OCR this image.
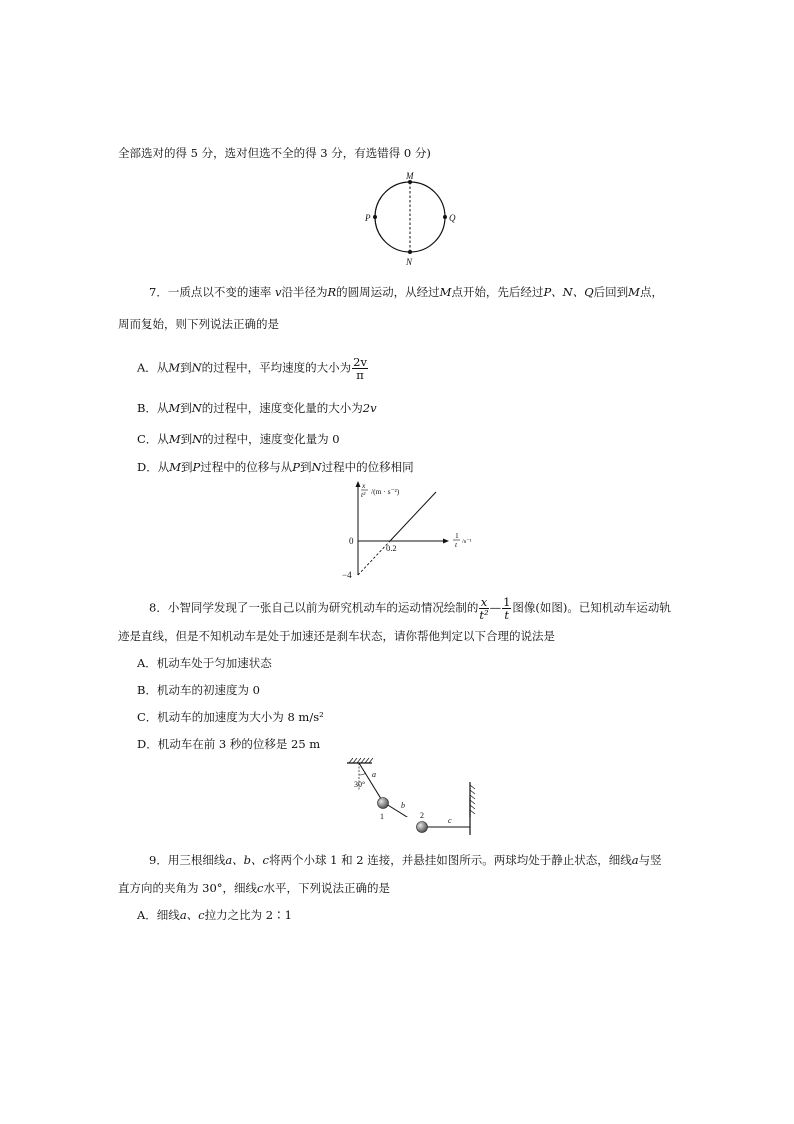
全部选对的得 5 分，选对但选不全的得 3 分，有选错得 0 分)
M
P	Q
N
7．一质点以不变的速率 v沿半径为R的圆周运动，从经过M点开始，先后经过P、N、Q后回到M点，
周而复始，则下列说法正确的是
A．从M到N的过程中，平均速度的大小为 $\frac{2v}{\pi}$
B．从M到N的过程中，速度变化量的大小为2v
C．从M到N的过程中，速度变化量为 0
D．从M到P过程中的位移与从P到N过程中的位移相同
x
t² /(m · s⁻²)
0
0.2
−4
1
t /s⁻¹
8．小智同学发现了一张自己以前为研究机动车的运动情况绘制的 $\frac{x}{\text{t²}}$ — $\frac{1}{t}$ 图像(如图)。已知机动车运动轨
迹是直线，但是不知机动车是处于加速还是刹车状态，请你帮他判定以下合理的说法是
A．机动车处于匀加速状态
B．机动车的初速度为 0
C．机动车的加速度为大小为 8 m/s²
D．机动车在前 3 秒的位移是 25 m
30°
a
b
c
1	2
9．用三根细线a、b、c将两个小球 1 和 2 连接，并悬挂如图所示。两球均处于静止状态，细线a与竖
直方向的夹角为 30°，细线c水平，下列说法正确的是
A．细线a、c拉力之比为 2∶1
